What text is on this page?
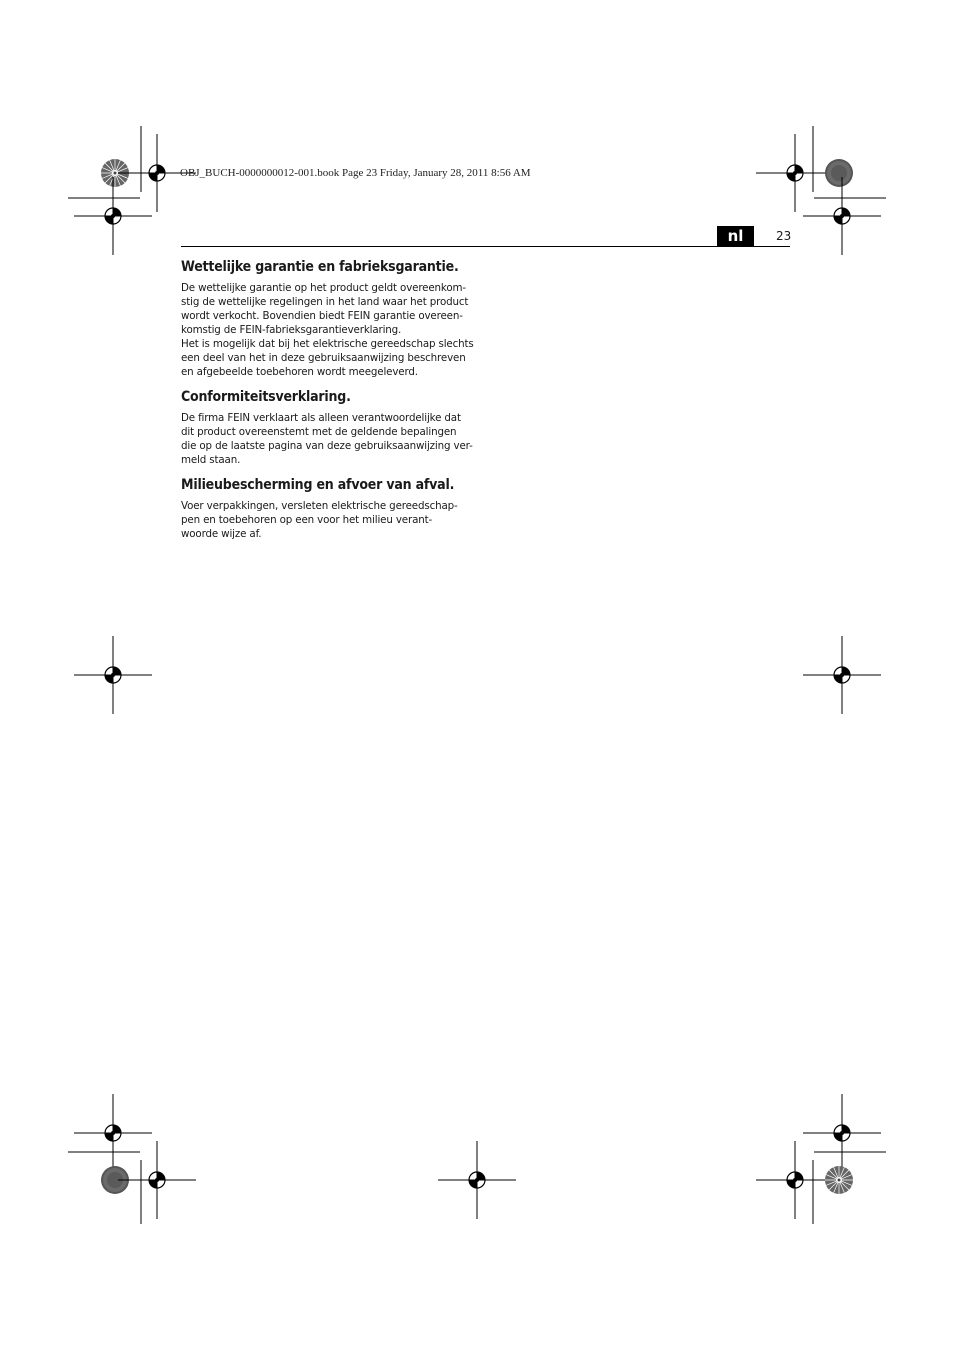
OBJ_BUCH-0000000012-001.book Page 23 Friday, January 28, 2011 8:56 AM
nl	23
Wettelijke garantie en fabrieksgarantie.

De wettelijke garantie op het product geldt overeenkom-
stig de wettelijke regelingen in het land waar het product
wordt verkocht. Bovendien biedt FEIN garantie overeen-
komstig de FEIN-fabrieksgarantieverklaring.

Het is mogelijk dat bij het elektrische gereedschap slechts
een deel van het in deze gebruiksaanwijzing beschreven
en afgebeelde toebehoren wordt meegeleverd.

Conformiteitsverklaring.

De firma FEIN verklaart als alleen verantwoordelijke dat
dit product overeenstemt met de geldende bepalingen
die op de laatste pagina van deze gebruiksaanwijzing ver-
meld staan.

Milieubescherming en afvoer van afval.

Voer verpakkingen, versleten elektrische gereedschap-
pen en toebehoren op een voor het milieu verant-
woorde wijze af.
